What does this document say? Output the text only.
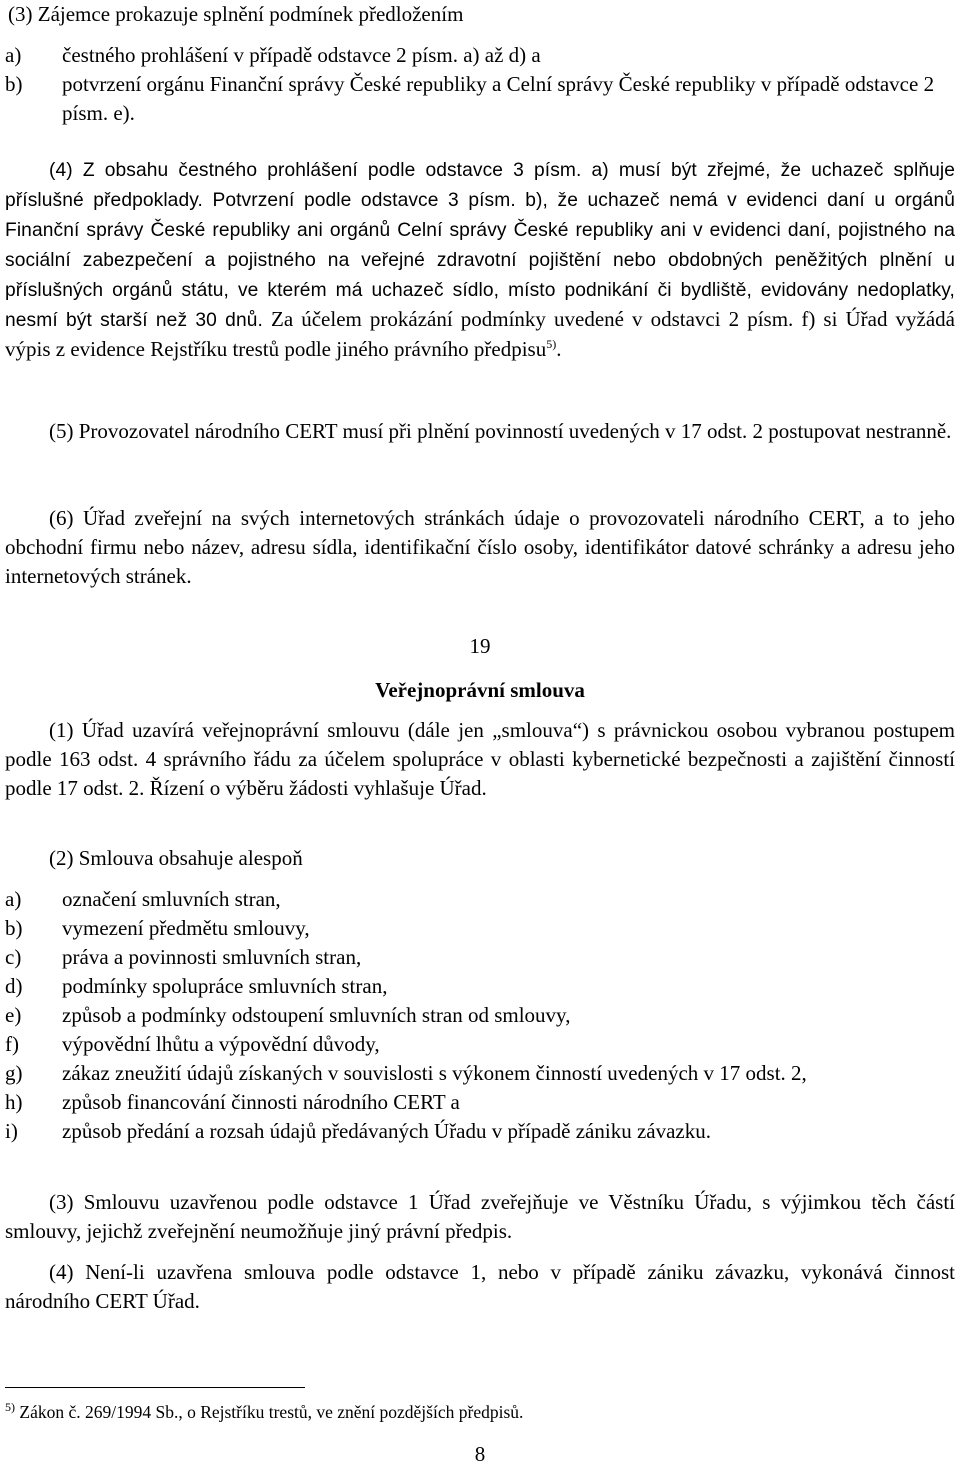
(3) Zájemce prokazuje splnění podmínek předložením

a) čestného prohlášení v případě odstavce 2 písm. a) až d) a
b) potvrzení orgánu Finanční správy České republiky a Celní správy České republiky v případě odstavce 2 písm. e).

(4) Z obsahu čestného prohlášení podle odstavce 3 písm. a) musí být zřejmé, že uchazeč splňuje příslušné předpoklady. Potvrzení podle odstavce 3 písm. b), že uchazeč nemá v evidenci daní u orgánů Finanční správy České republiky ani orgánů Celní správy České republiky ani v evidenci daní, pojistného na sociální zabezpečení a pojistného na veřejné zdravotní pojištění nebo obdobných peněžitých plnění u příslušných orgánů státu, ve kterém má uchazeč sídlo, místo podnikání či bydliště, evidovány nedoplatky, nesmí být starší než 30 dnů. Za účelem prokázání podmínky uvedené v odstavci 2 písm. f) si Úřad vyžádá výpis z evidence Rejstříku trestů podle jiného právního předpisu$^{5)}$.

(5) Provozovatel národního CERT musí při plnění povinností uvedených v 17 odst. 2 postupovat nestranně.

(6) Úřad zveřejní na svých internetových stránkách údaje o provozovateli národního CERT, a to jeho obchodní firmu nebo název, adresu sídla, identifikační číslo osoby, identifikátor datové schránky a adresu jeho internetových stránek.

19

Veřejnoprávní smlouva

(1) Úřad uzavírá veřejnoprávní smlouvu (dále jen „smlouva“) s právnickou osobou vybranou postupem podle 163 odst. 4 správního řádu za účelem spolupráce v oblasti kybernetické bezpečnosti a zajištění činností podle 17 odst. 2. Řízení o výběru žádosti vyhlašuje Úřad.

(2) Smlouva obsahuje alespoň

a) označení smluvních stran,
b) vymezení předmětu smlouvy,
c) práva a povinnosti smluvních stran,
d) podmínky spolupráce smluvních stran,
e) způsob a podmínky odstoupení smluvních stran od smlouvy,
f) výpovědní lhůtu a výpovědní důvody,
g) zákaz zneužití údajů získaných v souvislosti s výkonem činností uvedených v 17 odst. 2,
h) způsob financování činnosti národního CERT a
i) způsob předání a rozsah údajů předávaných Úřadu v případě zániku závazku.

(3) Smlouvu uzavřenou podle odstavce 1 Úřad zveřejňuje ve Věstníku Úřadu, s výjimkou těch částí smlouvy, jejichž zveřejnění neumožňuje jiný právní předpis.

(4) Není-li uzavřena smlouva podle odstavce 1, nebo v případě zániku závazku, vykonává činnost národního CERT Úřad.

$^{5)}$ Zákon č. 269/1994 Sb., o Rejstříku trestů, ve znění pozdějších předpisů.
8
